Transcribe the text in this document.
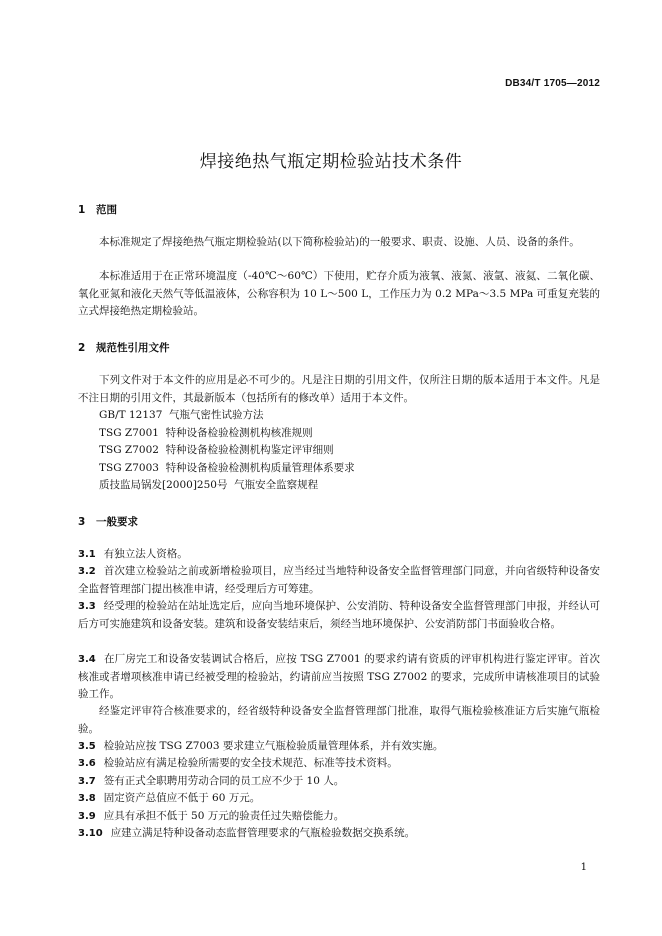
DB34/T 1705—2012
焊接绝热气瓶定期检验站技术条件
1 范围
本标准规定了焊接绝热气瓶定期检验站(以下简称检验站)的一般要求、职责、设施、人员、设备的条件。
本标准适用于在正常环境温度（-40℃～60℃）下使用，贮存介质为液氧、液氮、液氩、液氦、二氧化碳、氧化亚氮和液化天然气等低温液体，公称容积为 10 L～500 L，工作压力为 0.2 MPa～3.5 MPa 可重复充装的立式焊接绝热定期检验站。
2 规范性引用文件
下列文件对于本文件的应用是必不可少的。凡是注日期的引用文件，仅所注日期的版本适用于本文件。凡是不注日期的引用文件，其最新版本（包括所有的修改单）适用于本文件。
GB/T 12137  气瓶气密性试验方法
TSG Z7001  特种设备检验检测机构核准规则
TSG Z7002  特种设备检验检测机构鉴定评审细则
TSG Z7003  特种设备检验检测机构质量管理体系要求
质技监局锅发[2000]250号  气瓶安全监察规程
3 一般要求
3.1 有独立法人资格。
3.2 首次建立检验站之前或新增检验项目，应当经过当地特种设备安全监督管理部门同意，并向省级特种设备安全监督管理部门提出核准申请，经受理后方可筹建。
3.3 经受理的检验站在站址选定后，应向当地环境保护、公安消防、特种设备安全监督管理部门申报，并经认可后方可实施建筑和设备安装。建筑和设备安装结束后，须经当地环境保护、公安消防部门书面验收合格。
3.4 在厂房完工和设备安装调试合格后，应按 TSG Z7001 的要求约请有资质的评审机构进行鉴定评审。首次核准或者增项核准申请已经被受理的检验站，约请前应当按照 TSG Z7002 的要求，完成所申请核准项目的试验验工作。
经鉴定评审符合核准要求的，经省级特种设备安全监督管理部门批准，取得气瓶检验核准证方后实施气瓶检验。
3.5 检验站应按 TSG Z7003 要求建立气瓶检验质量管理体系，并有效实施。
3.6 检验站应有满足检验所需要的安全技术规范、标准等技术资料。
3.7 签有正式全职聘用劳动合同的员工应不少于 10 人。
3.8 固定资产总值应不低于 60 万元。
3.9 应具有承担不低于 50 万元的验责任过失赔偿能力。
3.10 应建立满足特种设备动态监督管理要求的气瓶检验数据交换系统。
1
